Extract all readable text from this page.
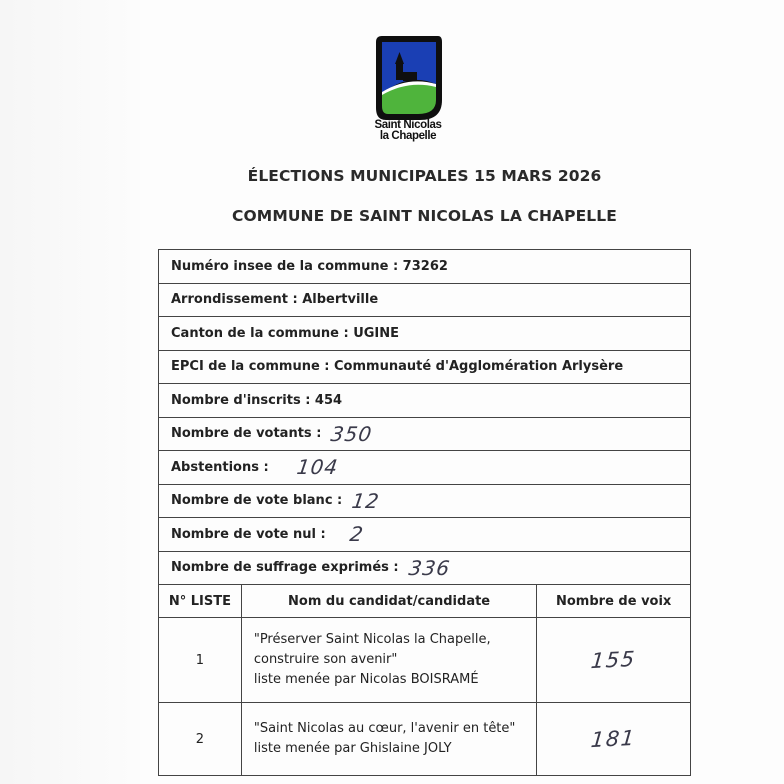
Saint Nicolas
la Chapelle
ÉLECTIONS MUNICIPALES 15 MARS 2026
COMMUNE DE SAINT NICOLAS LA CHAPELLE
Numéro insee de la commune : 73262
Arrondissement : Albertville
Canton de la commune : UGINE
EPCI de la commune : Communauté d'Agglomération Arlysère
Nombre d'inscrits : 454
Nombre de votants : 350
Abstentions : 104
Nombre de vote blanc : 12
Nombre de vote nul : 2
Nombre de suffrage exprimés : 336
N° LISTE	Nom du candidat/candidate	Nombre de voix
1	"Préserver Saint Nicolas la Chapelle,
construire son avenir"
liste menée par Nicolas BOISRAMÉ	155
2	"Saint Nicolas au cœur, l'avenir en tête"
liste menée par Ghislaine JOLY	181
